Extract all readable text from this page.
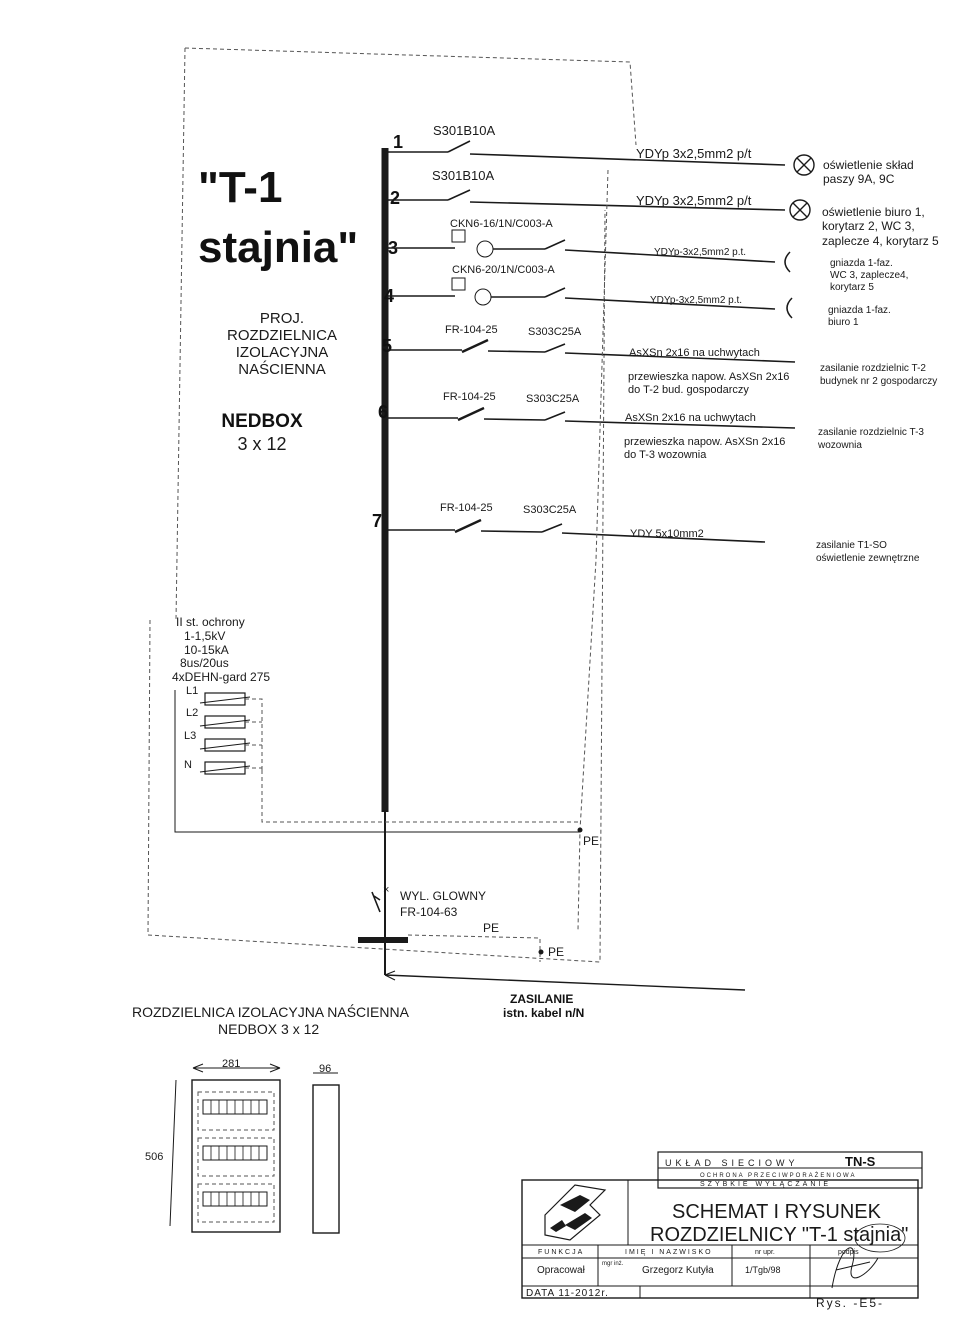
"T-1
stajnia"
PROJ.
ROZDZIELNICA
IZOLACYJNA
NAŚCIENNA
NEDBOX
3 x 12
1
2
3
4
5
6
7
S301B10A
YDYp 3x2,5mm2 p/t
oświetlenie skład
paszy 9A, 9C
S301B10A
YDYp 3x2,5mm2 p/t
oświetlenie biuro 1,
korytarz 2, WC 3,
zaplecze 4, korytarz 5
CKN6-16/1N/C003-A
YDYp-3x2,5mm2 p.t.
gniazda 1-faz.
WC 3, zaplecze4,
korytarz 5
CKN6-20/1N/C003-A
YDYp-3x2,5mm2 p.t.
gniazda 1-faz.
biuro 1
FR-104-25	S303C25A
AsXSn 2x16 na uchwytach
przewieszka napow. AsXSn 2x16
do T-2 bud. gospodarczy
zasilanie rozdzielnic T-2
budynek nr 2 gospodarczy
FR-104-25	S303C25A
AsXSn 2x16 na uchwytach
przewieszka napow. AsXSn 2x16
do T-3 wozownia
zasilanie rozdzielnic T-3
wozownia
FR-104-25	S303C25A
YDY 5x10mm2
zasilanie T1-SO
oświetlenie zewnętrzne
II st. ochrony
1-1,5kV
10-15kA
8us/20us
4xDEHN-gard 275
L1
L2
L3
N
PE
× WYL. GLOWNY
FR-104-63
PE
PE
ZASILANIE
istn. kabel n/N
ROZDZIELNICA IZOLACYJNA NAŚCIENNA
NEDBOX 3 x 12
281	96
506	UKŁAD SIECIOWY	TN-S
OCHRONA PRZECIWPORAŻENIOWA
SZYBKIE WYŁĄCZANIE
SCHEMAT I RYSUNEK
ROZDZIELNICY "T-1 stajnia"
FUNKCJA	IMIĘ I NAZWISKO	nr upr.	podpis
Opracował
mgr inż.
Grzegorz Kutyła	1/Tgb/98
DATA 11-2012r.
Rys. -E5-
